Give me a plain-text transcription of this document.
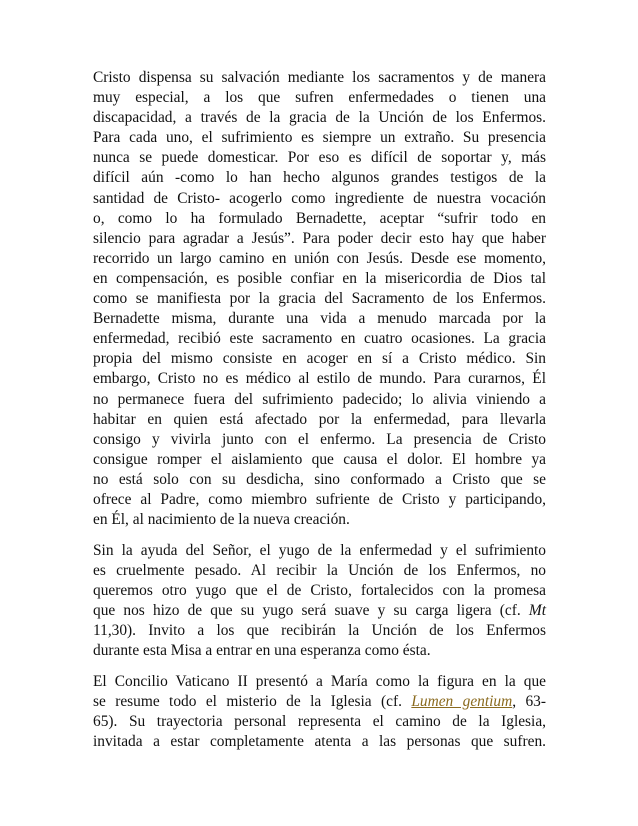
Cristo dispensa su salvación mediante los sacramentos y de manera
muy especial, a los que sufren enfermedades o tienen una
discapacidad, a través de la gracia de la Unción de los Enfermos.
Para cada uno, el sufrimiento es siempre un extraño. Su presencia
nunca se puede domesticar. Por eso es difícil de soportar y, más
difícil aún -como lo han hecho algunos grandes testigos de la
santidad de Cristo- acogerlo como ingrediente de nuestra vocación
o, como lo ha formulado Bernadette, aceptar “sufrir todo en
silencio para agradar a Jesús”. Para poder decir esto hay que haber
recorrido un largo camino en unión con Jesús. Desde ese momento,
en compensación, es posible confiar en la misericordia de Dios tal
como se manifiesta por la gracia del Sacramento de los Enfermos.
Bernadette misma, durante una vida a menudo marcada por la
enfermedad, recibió este sacramento en cuatro ocasiones. La gracia
propia del mismo consiste en acoger en sí a Cristo médico. Sin
embargo, Cristo no es médico al estilo de mundo. Para curarnos, Él
no permanece fuera del sufrimiento padecido; lo alivia viniendo a
habitar en quien está afectado por la enfermedad, para llevarla
consigo y vivirla junto con el enfermo. La presencia de Cristo
consigue romper el aislamiento que causa el dolor. El hombre ya
no está solo con su desdicha, sino conformado a Cristo que se
ofrece al Padre, como miembro sufriente de Cristo y participando,
en Él, al nacimiento de la nueva creación.
Sin la ayuda del Señor, el yugo de la enfermedad y el sufrimiento
es cruelmente pesado. Al recibir la Unción de los Enfermos, no
queremos otro yugo que el de Cristo, fortalecidos con la promesa
que nos hizo de que su yugo será suave y su carga ligera (cf. Mt
11,30). Invito a los que recibirán la Unción de los Enfermos
durante esta Misa a entrar en una esperanza como ésta.
El Concilio Vaticano II presentó a María como la figura en la que
se resume todo el misterio de la Iglesia (cf. Lumen gentium, 63-
65). Su trayectoria personal representa el camino de la Iglesia,
invitada a estar completamente atenta a las personas que sufren.
